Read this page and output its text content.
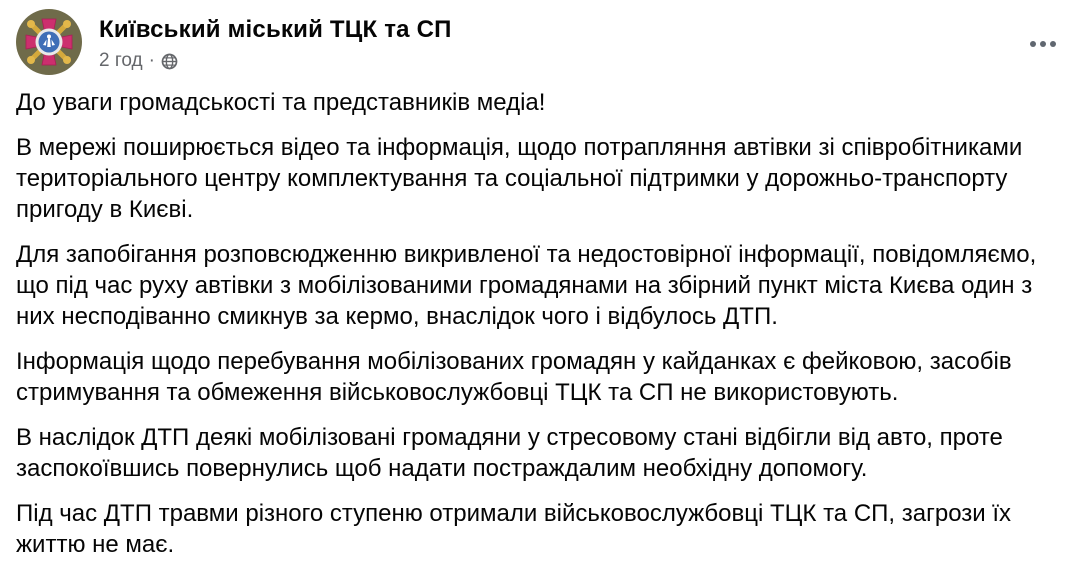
Київський міський ТЦК та СП
2 год ·

До уваги громадськості та представників медіа!

В мережі поширюється відео та інформація, щодо потрапляння автівки зі співробітниками територіального центру комплектування та соціальної підтримки у дорожньо-транспорту пригоду в Києві.

Для запобігання розповсюдженню викривленої та недостовірної інформації, повідомляємо, що під час руху автівки з мобілізованими громадянами на збірний пункт міста Києва один з них несподіванно смикнув за кермо, внаслідок чого і відбулось ДТП.

Інформація щодо перебування мобілізованих громадян у кайданках є фейковою, засобів стримування та обмеження військовослужбовці ТЦК та СП не використовують.

В наслідок ДТП деякі мобілізовані громадяни у стресовому стані відбігли від авто, проте заспокоївшись повернулись щоб надати постраждалим необхідну допомогу.

Під час ДТП травми різного ступеню отримали військовослужбовці ТЦК та СП, загрози їх життю не має.
